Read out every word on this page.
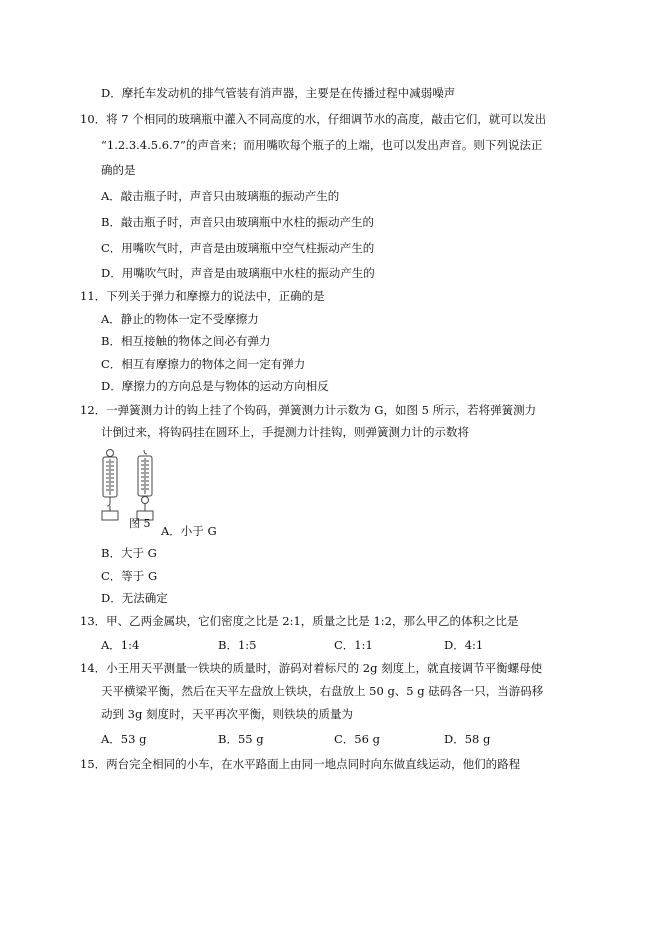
D．摩托车发动机的排气管装有消声器，主要是在传播过程中减弱噪声
10．将 7 个相同的玻璃瓶中灌入不同高度的水，仔细调节水的高度，敲击它们，就可以发出
“1.2.3.4.5.6.7”的声音来；而用嘴吹每个瓶子的上端，也可以发出声音。则下列说法正
确的是
A．敲击瓶子时，声音只由玻璃瓶的振动产生的
B．敲击瓶子时，声音只由玻璃瓶中水柱的振动产生的
C．用嘴吹气时，声音是由玻璃瓶中空气柱振动产生的
D．用嘴吹气时，声音是由玻璃瓶中水柱的振动产生的
11．下列关于弹力和摩擦力的说法中，正确的是
A．静止的物体一定不受摩擦力
B．相互接触的物体之间必有弹力
C．相互有摩擦力的物体之间一定有弹力
D．摩擦力的方向总是与物体的运动方向相反
12．一弹簧测力计的钩上挂了个钩码，弹簧测力计示数为 G，如图 5 所示，若将弹簧测力
计倒过来，将钩码挂在圆环上，手提测力计挂钩，则弹簧测力计的示数将
图 5
A．小于 G
B．大于 G
C．等于 G
D．无法确定
13．甲、乙两金属块，它们密度之比是 2:1，质量之比是 1:2，那么甲乙的体积之比是
A．1:4	B．1:5	C．1:1	D．4:1
14．小王用天平测量一铁块的质量时，游码对着标尺的 2g 刻度上，就直接调节平衡螺母使
天平横梁平衡，然后在天平左盘放上铁块，右盘放上 50 g、5 g 砝码各一只，当游码移
动到 3g 刻度时，天平再次平衡，则铁块的质量为
A．53 g	B．55 g	C．56 g	D．58 g
15．两台完全相同的小车，在水平路面上由同一地点同时向东做直线运动，他们的路程
